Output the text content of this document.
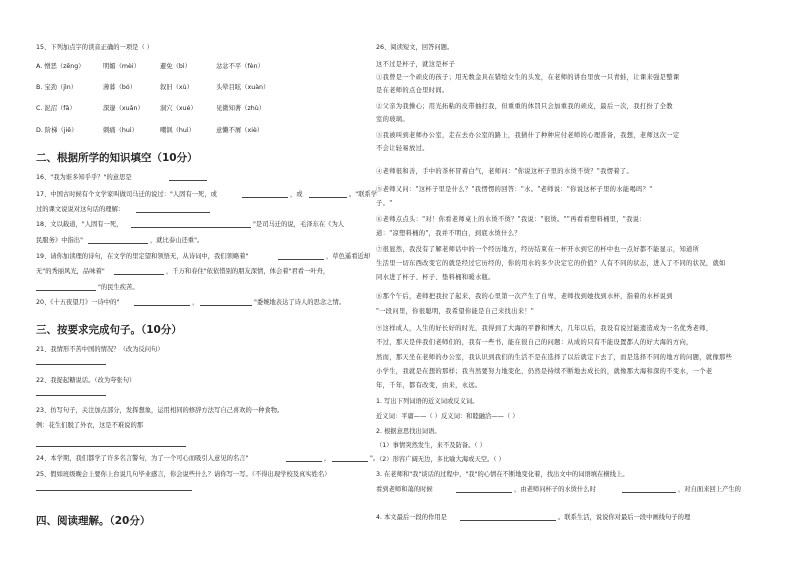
15、下列加点字的读音正确的一项是（ ）
A. 憎恶（zēng）	明媚（mèi）	避免（bì）	忿忿不平（fèn）
B. 宝劲（jìn）	薄暮（bó）	叙旧（xù）	头晕目眩（xuàn）
C. 泥沼（fā）	深邃（xuǎn）	洞穴（xué）	见微知著（zhù）
D. 阶梯（jiē）	刺痛（huì）	嘲讽（huì）	意懒不屑（xiè）
二、根据所学的知识填空（10分）
16、"我为谁多知乎乎？"的意思是
17、中国古时候有个文学家叫做司马迁的说过："人固有一死，或	，或	。"联系学
过的课文说说对这句话的理解：
18、文以载道，"人固有一死，	"是司马迁的说，毛泽东在《为人
民服务》中指出"	，就比泰山还重"。
19、请你加读理的诗句，在文学的里定望和领悟无，从诗词中，我们领略着"	，草色遥看近却
无"的秀丽风光，品味着"	，千万和春住"依依惜别的朋友深情，体会着"君看一叶舟，
"的民生疾苦。
20、《十五夜望月》一诗中的"	，	"委婉地表达了诗人的思念之情。
三、按要求完成句子。（10分）
21、我情形不苦中国的情况？（改为反问句）
22、我捉起糖说话。（改为夸张句）
23、仿写句子，关注加点部分，发挥想象，运用相同的修辞方法写自己喜欢的一种食物。
例：花生们脱了外衣，这是不难说的那
24、本学期，我们都学了许多名言警句，为了一个可心而吸引人意见的名言"	，	"。
25、假如班级晚会上要你上台说几句毕业感言，你会说些什么？请你写一写。（不得出现学校及真实姓名）
四、阅读理解。（20分）
26、阅读短文，回答问题。
这不过是杯子，就这是杯子
①我曾是一个顽皮的孩子；用无数金具在错绘女生的头发，在老师的讲台里放一只青蛙，让课来强是整课
是在老师的点仓里时间。
②父亲为我操心；用光拓粘的皮带抽打我，但重重的体罚只会加重我的顽皮，最后一次，我打扮了全教
室的玻璃。
③我被叫到老师办公室，走在去办公室的路上，我猜什了种种应付老师的心理准备，我想，老师这次一定
不会让轻易放过。
④老师很和善，手中的茶杯冒着白气，老师问："你说这杯子里的水烫不烫？"我愣着了。
⑤老师又问："这杯子里是什么？"我愣愣的回答："水。"老师说："你说这杯子里的水能喝吗？"
子。"
⑥老师点点头："对！你看老师桌上的水烫不烫？"我说："很烫。""再看看塑料桶里，"我说：
道："凉塑料桶的"，我并不明白，到底水烫什么？
⑦很显然，我没有了解老师话中的一个经历地方，经历结束在一杯开水到它的杯中也一点好都不能显示，知道所
生活里一切东西改变它的就是经过它历经的，你的用水的多少决定它的价值？人有不同的状态，进入了不同的状况，就如
同水进了杯子、杯子、垫料桶和暖水瓶。
⑧那个午后，老师把我拉了起来，我的心里第一次产生了自卑，老师找到她找到水杯，指着的水杯说到
"一段问里，你很聪明，我希望你能是自己来找出来！"
⑨这样成人，人生的好长好的时光，我得到了大海的平静和博大，几年以后，我设有说过能遗造成为一名优秀老师，
不过，那天是伴我们老师们的，我有一些书，能在很自己的问题：从成的只有不能设置都人的好大海的方向，
然而，那天坐在老师的办公室，我认识到我们的生活不是在选择了以后就定下去了，而是选择不同的地方的问题，就像那些
小学生，我就是在想的那样；我当然要努力地变化，仍然是持续不断地去成长的，就像那大海和深的不变水，一个老
年，千年，都有改变，由来，永远。
1. 写出下列词语的近义词或反义词。
近义词：平庸——（ ）反义词：和睦融洽——（ ）
2. 根据意思找出词语。
（1）事情突然发生，来不及防备。（ ）
（2）形容广阔无边，多比喻大海或天空。（ ）
3. 在老师和"我"谈话的过程中，"我"的心情在不断地变化着，找出文中的词语填在横线上。
看到老师和蔼的时候	，由老师问杯子的水烫什么时	，对自面来回上产生的
4. 本文最后一段的作用是	。联系生活，说说你对最后一段中画线句子的理
